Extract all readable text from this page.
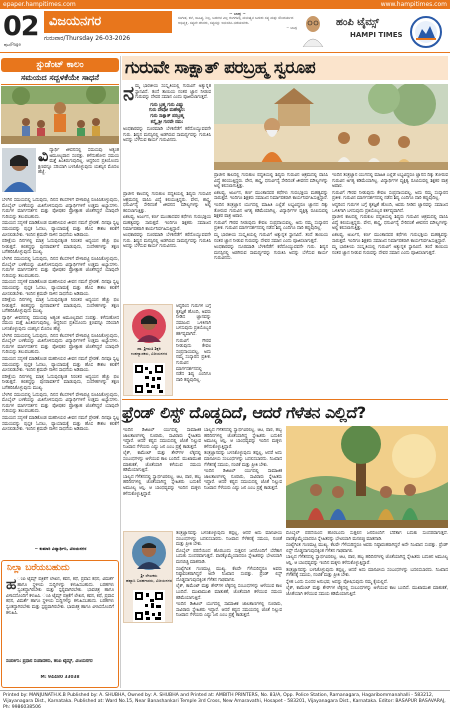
epaper.hampitimes.com	www.hampitimes.com
02
ಪುಟ/Page
ವಿಜಯನಗರ
ಗುರುವಾರ/Thursday 26-03-2026
~ ಬಾಪು ~
ಸಂಗೀತ, ಕಲೆ, ಸಾಹಿತ್ಯ, ಶಿಲ್ಪ, ಬದುಕಿನ ಎಲ್ಲ ರಂಗಗಳಲ್ಲಿ ಮನುಷ್ಯನ ಬದುಕು ಸತ್ಯ ಮತ್ತು ಸೌಂದರ್ಯದ ಅಭಿವ್ಯಕ್ತಿ. ಸತ್ಯವೇ ದೇವರು, ಸತ್ಯವನ್ನು ಅನುಸರಿಸಿ ನಡೆಯಬೇಕು.
~ ಬಾಪು	ಹಂಪಿ ಟೈಮ್ಸ್
HAMPI TIMES
ಸ್ಟುಡೆಂಟ್ ಕಾಲಂ
ಸಮಯದ ಸದ್ಬಳಕೆಯೇ ಸಾಧನೆ
ವಿ ದ್ಯಾರ್ಥಿ ಜೀವನದಲ್ಲಿ ಸಮಯವು ಅತ್ಯಂತ ಅಮೂಲ್ಯವಾದ ಸಂಪತ್ತು. ಕಳೆದುಹೋದ ಸಮಯ ಮತ್ತೆ ಹಿಂತಿರುಗುವುದಿಲ್ಲ. ಆದ್ದರಿಂದ ಪ್ರತಿಯೊಂದು ಕ್ಷಣವನ್ನೂ ಸರಿಯಾಗಿ ಬಳಸಿಕೊಳ್ಳುವುದು ಯಶಸ್ಸಿನ ಮೊದಲ ಹೆಜ್ಜೆ.

ಬೆಳಗಿನ ಸಮಯದಲ್ಲಿ ಓದುವುದು, ದಿನದ ಕೆಲಸಗಳಿಗೆ ವೇಳಾಪಟ್ಟಿ ರೂಪಿಸಿಕೊಳ್ಳುವುದು, ಮೊಬೈಲ್ ಬಳಕೆಯನ್ನು ಮಿತಿಗೊಳಿಸುವುದು ವಿದ್ಯಾರ್ಥಿಗಳಿಗೆ ಉತ್ತಮ ಅಭ್ಯಾಸಗಳು. ಗುರುಗಳ ಮಾರ್ಗದರ್ಶನ ಮತ್ತು ಪೋಷಕರ ಪ್ರೋತ್ಸಾಹ ಜೊತೆಗಿದ್ದರೆ ಯಾವುದೇ ಗುರಿಯನ್ನು ತಲುಪಬಹುದು.

ಸಮಯದ ಸದ್ಬಳಕೆ ಮಾಡಿಕೊಂಡ ಮಹನೀಯರ ಜೀವನ ನಮಗೆ ಪ್ರೇರಣೆ. ದಿನವೂ ಸ್ವಲ್ಪ ಸಮಯವನ್ನು ಪುಸ್ತಕ ಓದಲು, ವ್ಯಾಯಾಮಕ್ಕೆ ಮತ್ತು ಹೊಸ ಕೌಶಲ ಕಲಿಕೆಗೆ ಮೀಸಲಿಡಬೇಕು. ಇಂದಿನ ಶ್ರಮವೇ ನಾಳಿನ ಸಾಧನೆಯ ಅಡಿಪಾಯ.

ಪರೀಕ್ಷೆಯ ದಿನಗಳಲ್ಲಿ ಮಾತ್ರ ಓದುವುದಕ್ಕಿಂತ ನಿರಂತರ ಅಧ್ಯಯನ ಹೆಚ್ಚು ಫಲ ನೀಡುತ್ತದೆ. ಕಲಿತದ್ದನ್ನು ಪುನರಾವರ್ತನೆ ಮಾಡುವುದು, ಸಂದೇಹಗಳನ್ನು ತಕ್ಷಣ ಬಗೆಹರಿಸಿಕೊಳ್ಳುವುದು ಮುಖ್ಯ.

ಬೆಳಗಿನ ಸಮಯದಲ್ಲಿ ಓದುವುದು, ದಿನದ ಕೆಲಸಗಳಿಗೆ ವೇಳಾಪಟ್ಟಿ ರೂಪಿಸಿಕೊಳ್ಳುವುದು, ಮೊಬೈಲ್ ಬಳಕೆಯನ್ನು ಮಿತಿಗೊಳಿಸುವುದು ವಿದ್ಯಾರ್ಥಿಗಳಿಗೆ ಉತ್ತಮ ಅಭ್ಯಾಸಗಳು. ಗುರುಗಳ ಮಾರ್ಗದರ್ಶನ ಮತ್ತು ಪೋಷಕರ ಪ್ರೋತ್ಸಾಹ ಜೊತೆಗಿದ್ದರೆ ಯಾವುದೇ ಗುರಿಯನ್ನು ತಲುಪಬಹುದು.

ಸಮಯದ ಸದ್ಬಳಕೆ ಮಾಡಿಕೊಂಡ ಮಹನೀಯರ ಜೀವನ ನಮಗೆ ಪ್ರೇರಣೆ. ದಿನವೂ ಸ್ವಲ್ಪ ಸಮಯವನ್ನು ಪುಸ್ತಕ ಓದಲು, ವ್ಯಾಯಾಮಕ್ಕೆ ಮತ್ತು ಹೊಸ ಕೌಶಲ ಕಲಿಕೆಗೆ ಮೀಸಲಿಡಬೇಕು. ಇಂದಿನ ಶ್ರಮವೇ ನಾಳಿನ ಸಾಧನೆಯ ಅಡಿಪಾಯ.

ಪರೀಕ್ಷೆಯ ದಿನಗಳಲ್ಲಿ ಮಾತ್ರ ಓದುವುದಕ್ಕಿಂತ ನಿರಂತರ ಅಧ್ಯಯನ ಹೆಚ್ಚು ಫಲ ನೀಡುತ್ತದೆ. ಕಲಿತದ್ದನ್ನು ಪುನರಾವರ್ತನೆ ಮಾಡುವುದು, ಸಂದೇಹಗಳನ್ನು ತಕ್ಷಣ ಬಗೆಹರಿಸಿಕೊಳ್ಳುವುದು ಮುಖ್ಯ.

ದ್ಯಾರ್ಥಿ ಜೀವನದಲ್ಲಿ ಸಮಯವು ಅತ್ಯಂತ ಅಮೂಲ್ಯವಾದ ಸಂಪತ್ತು. ಕಳೆದುಹೋದ ಸಮಯ ಮತ್ತೆ ಹಿಂತಿರುಗುವುದಿಲ್ಲ. ಆದ್ದರಿಂದ ಪ್ರತಿಯೊಂದು ಕ್ಷಣವನ್ನೂ ಸರಿಯಾಗಿ ಬಳಸಿಕೊಳ್ಳುವುದು ಯಶಸ್ಸಿನ ಮೊದಲ ಹೆಜ್ಜೆ.

ಬೆಳಗಿನ ಸಮಯದಲ್ಲಿ ಓದುವುದು, ದಿನದ ಕೆಲಸಗಳಿಗೆ ವೇಳಾಪಟ್ಟಿ ರೂಪಿಸಿಕೊಳ್ಳುವುದು, ಮೊಬೈಲ್ ಬಳಕೆಯನ್ನು ಮಿತಿಗೊಳಿಸುವುದು ವಿದ್ಯಾರ್ಥಿಗಳಿಗೆ ಉತ್ತಮ ಅಭ್ಯಾಸಗಳು. ಗುರುಗಳ ಮಾರ್ಗದರ್ಶನ ಮತ್ತು ಪೋಷಕರ ಪ್ರೋತ್ಸಾಹ ಜೊತೆಗಿದ್ದರೆ ಯಾವುದೇ ಗುರಿಯನ್ನು ತಲುಪಬಹುದು.

ಸಮಯದ ಸದ್ಬಳಕೆ ಮಾಡಿಕೊಂಡ ಮಹನೀಯರ ಜೀವನ ನಮಗೆ ಪ್ರೇರಣೆ. ದಿನವೂ ಸ್ವಲ್ಪ ಸಮಯವನ್ನು ಪುಸ್ತಕ ಓದಲು, ವ್ಯಾಯಾಮಕ್ಕೆ ಮತ್ತು ಹೊಸ ಕೌಶಲ ಕಲಿಕೆಗೆ ಮೀಸಲಿಡಬೇಕು. ಇಂದಿನ ಶ್ರಮವೇ ನಾಳಿನ ಸಾಧನೆಯ ಅಡಿಪಾಯ.

ಪರೀಕ್ಷೆಯ ದಿನಗಳಲ್ಲಿ ಮಾತ್ರ ಓದುವುದಕ್ಕಿಂತ ನಿರಂತರ ಅಧ್ಯಯನ ಹೆಚ್ಚು ಫಲ ನೀಡುತ್ತದೆ. ಕಲಿತದ್ದನ್ನು ಪುನರಾವರ್ತನೆ ಮಾಡುವುದು, ಸಂದೇಹಗಳನ್ನು ತಕ್ಷಣ ಬಗೆಹರಿಸಿಕೊಳ್ಳುವುದು ಮುಖ್ಯ.

ಬೆಳಗಿನ ಸಮಯದಲ್ಲಿ ಓದುವುದು, ದಿನದ ಕೆಲಸಗಳಿಗೆ ವೇಳಾಪಟ್ಟಿ ರೂಪಿಸಿಕೊಳ್ಳುವುದು, ಮೊಬೈಲ್ ಬಳಕೆಯನ್ನು ಮಿತಿಗೊಳಿಸುವುದು ವಿದ್ಯಾರ್ಥಿಗಳಿಗೆ ಉತ್ತಮ ಅಭ್ಯಾಸಗಳು. ಗುರುಗಳ ಮಾರ್ಗದರ್ಶನ ಮತ್ತು ಪೋಷಕರ ಪ್ರೋತ್ಸಾಹ ಜೊತೆಗಿದ್ದರೆ ಯಾವುದೇ ಗುರಿಯನ್ನು ತಲುಪಬಹುದು.

ಸಮಯದ ಸದ್ಬಳಕೆ ಮಾಡಿಕೊಂಡ ಮಹನೀಯರ ಜೀವನ ನಮಗೆ ಪ್ರೇರಣೆ. ದಿನವೂ ಸ್ವಲ್ಪ ಸಮಯವನ್ನು ಪುಸ್ತಕ ಓದಲು, ವ್ಯಾಯಾಮಕ್ಕೆ ಮತ್ತು ಹೊಸ ಕೌಶಲ ಕಲಿಕೆಗೆ ಮೀಸಲಿಡಬೇಕು. ಇಂದಿನ ಶ್ರಮವೇ ನಾಳಿನ ಸಾಧನೆಯ ಅಡಿಪಾಯ.

~ ಕುಮಾರಿ ವಿದ್ಯಾರ್ಥಿನಿ, ವಿಜಯನಗರ
ನಿಲ್ಲಾ ಬರೆಯಬಹುದು
ಹ ಂಪಿ ಟೈಮ್ಸ್ ಪತ್ರಿಕೆಗೆ ಲೇಖನ, ಕವನ, ಕಥೆ, ಪ್ರವಾಸ ಕಥನ, ವಿಮರ್ಶೆ ಹಾಗೂ ಸ್ಥಳೀಯ ಸುದ್ದಿಗಳನ್ನು ಕಳುಹಿಸಬಹುದು. ಬರಹಗಳು ಸ್ವಂತದ್ದಾಗಿರಬೇಕು ಮತ್ತು ಸ್ಪಷ್ಟವಾಗಿರಬೇಕು. ಭಾವಚಿತ್ರ ಹಾಗೂ ವಿಳಾಸದೊಂದಿಗೆ ಕಳುಹಿಸಿ. ಂಪಿ ಟೈಮ್ಸ್ ಪತ್ರಿಕೆಗೆ ಲೇಖನ, ಕವನ, ಕಥೆ, ಪ್ರವಾಸ ಕಥನ, ವಿಮರ್ಶೆ ಹಾಗೂ ಸ್ಥಳೀಯ ಸುದ್ದಿಗಳನ್ನು ಕಳುಹಿಸಬಹುದು. ಬರಹಗಳು ಸ್ವಂತದ್ದಾಗಿರಬೇಕು ಮತ್ತು ಸ್ಪಷ್ಟವಾಗಿರಬೇಕು. ಭಾವಚಿತ್ರ ಹಾಗೂ ವಿಳಾಸದೊಂದಿಗೆ ಕಳುಹಿಸಿ.
ಸಂಪರ್ಕಿಸಿ: ಪ್ರಧಾನ ಸಂಪಾದಕರು, ಹಂಪಿ ಟೈಮ್ಸ್, ವಿಜಯನಗರ
M: 94480 33038
ಗುರುವೇ ಸಾಕ್ಷಾತ್ ಪರಬ್ರಹ್ಮ ಸ್ವರೂಪ
ನ ಮ್ಮ ಭಾರತೀಯ ಸಂಸ್ಕೃತಿಯಲ್ಲಿ ಗುರುವಿಗೆ ಅತ್ಯುನ್ನತ ಸ್ಥಾನವಿದೆ. ತಂದೆ ತಾಯಿಯ ನಂತರ ಜ್ಞಾನ ನೀಡುವ ಗುರುವನ್ನು ದೇವರ ಸಮಾನ ಎಂದು ಪೂಜಿಸಲಾಗುತ್ತದೆ.

ಗುರು ಬ್ರಹ್ಮ ಗುರು ವಿಷ್ಣು
ಗುರು ದೇವೋ ಮಹೇಶ್ವರ:
ಗುರು ಸಾಕ್ಷಾತ್ ಪರಬ್ರಹ್ಮ
ತಸ್ಮೈ ಶ್ರೀ ಗುರವೇ ನಮ:

ಅಂಧಕಾರವನ್ನು ದೂರಮಾಡಿ ಬೆಳಕಿನೆಡೆಗೆ ಕರೆದೊಯ್ಯುವವನೇ ಗುರು. ಶಿಷ್ಯನ ಮನಸ್ಸಿನಲ್ಲಿ ಅಡಗಿರುವ ಸಾಮರ್ಥ್ಯವನ್ನು ಗುರುತಿಸಿ ಅದನ್ನು ಬೆಳೆಸುವ ಕಾರ್ಯ ಗುರುವಿನದು.

ಪ್ರಾಚೀನ ಕಾಲದಲ್ಲಿ ಗುರುಕುಲ ಪದ್ಧತಿಯಲ್ಲಿ ಶಿಷ್ಯರು ಗುರುವಿನ ಆಶ್ರಮದಲ್ಲಿ ವಾಸಿಸಿ ವಿದ್ಯೆ ಕಲಿಯುತ್ತಿದ್ದರು. ವೇದ, ಶಾಸ್ತ್ರ, ಧನುರ್ವಿದ್ಯೆ ಸೇರಿದಂತೆ ಜೀವನದ ಮೌಲ್ಯಗಳನ್ನು ಅಲ್ಲಿ ಕಲಿಸಲಾಗುತ್ತಿತ್ತು.

ಏಕಲವ್ಯ, ಅರ್ಜುನ, ಕರ್ಣ ಮುಂತಾದವರ ಕಥೆಗಳು ಗುರುಭಕ್ತಿಯ ಮಹತ್ವವನ್ನು ಸಾರುತ್ತವೆ. ಇಂದಿಗೂ ಶಿಕ್ಷಕರು ಸಮಾಜದ ನಿರ್ಮಾಪಕರಾಗಿ ಕಾರ್ಯನಿರ್ವಹಿಸುತ್ತಿದ್ದಾರೆ.

ಅಂಧಕಾರವನ್ನು ದೂರಮಾಡಿ ಬೆಳಕಿನೆಡೆಗೆ ಕರೆದೊಯ್ಯುವವನೇ ಗುರು. ಶಿಷ್ಯನ ಮನಸ್ಸಿನಲ್ಲಿ ಅಡಗಿರುವ ಸಾಮರ್ಥ್ಯವನ್ನು ಗುರುತಿಸಿ ಅದನ್ನು ಬೆಳೆಸುವ ಕಾರ್ಯ ಗುರುವಿನದು.

ಡಾ. ಶ್ರೀಮತಿ ಶಿಕ್ಷಕಿ
ಉಪನ್ಯಾಸಕರು, ವಿಜಯನಗರ

ಆದ್ದರಿಂದ ಗುರುಗಳ ಬಗ್ಗೆ ಕೃತಜ್ಞತೆ ಹೊಂದಿ, ಅವರು ನೀಡಿದ ಜ್ಞಾನವನ್ನು ಸಮಾಜದ ಒಳಿತಿಗಾಗಿ ಬಳಸುವುದು ಪ್ರತಿಯೊಬ್ಬರ ಕರ್ತವ್ಯವಾಗಿದೆ.

ಗುರುವಿಗೆ ಗೌರವ ನೀಡುವುದು ಕೇವಲ ಸಂಪ್ರದಾಯವಲ್ಲ, ಅದು ನಮ್ಮ ಸಂಸ್ಕಾರದ ಪ್ರತೀಕ. ಗುರುವಿನ ಮಾರ್ಗದರ್ಶನದಲ್ಲಿ ನಡೆದ ಶಿಷ್ಯ ಎಂದಿಗೂ ದಾರಿ ತಪ್ಪುವುದಿಲ್ಲ.

ಪ್ರಾಚೀನ ಕಾಲದಲ್ಲಿ ಗುರುಕುಲ ಪದ್ಧತಿಯಲ್ಲಿ ಶಿಷ್ಯರು ಗುರುವಿನ ಆಶ್ರಮದಲ್ಲಿ ವಾಸಿಸಿ ವಿದ್ಯೆ ಕಲಿಯುತ್ತಿದ್ದರು. ವೇದ, ಶಾಸ್ತ್ರ, ಧನುರ್ವಿದ್ಯೆ ಸೇರಿದಂತೆ ಜೀವನದ ಮೌಲ್ಯಗಳನ್ನು ಅಲ್ಲಿ ಕಲಿಸಲಾಗುತ್ತಿತ್ತು.

ಏಕಲವ್ಯ, ಅರ್ಜುನ, ಕರ್ಣ ಮುಂತಾದವರ ಕಥೆಗಳು ಗುರುಭಕ್ತಿಯ ಮಹತ್ವವನ್ನು ಸಾರುತ್ತವೆ. ಇಂದಿಗೂ ಶಿಕ್ಷಕರು ಸಮಾಜದ ನಿರ್ಮಾಪಕರಾಗಿ ಕಾರ್ಯನಿರ್ವಹಿಸುತ್ತಿದ್ದಾರೆ.

ಇಂದಿನ ತಂತ್ರಜ್ಞಾನ ಯುಗದಲ್ಲಿ ಮಾಹಿತಿ ಎಲ್ಲೆಡೆ ಲಭ್ಯವಿದ್ದರೂ ಜ್ಞಾನದ ದಿಕ್ಕು ತೋರುವ ಗುರುವಿನ ಅಗತ್ಯ ಕಡಿಮೆಯಾಗಿಲ್ಲ. ವಿದ್ಯಾರ್ಥಿಗಳ ವ್ಯಕ್ತಿತ್ವ ರೂಪಿಸುವಲ್ಲಿ ಶಿಕ್ಷಕರ ಪಾತ್ರ ಅಪಾರ.

ಗುರುವಿಗೆ ಗೌರವ ನೀಡುವುದು ಕೇವಲ ಸಂಪ್ರದಾಯವಲ್ಲ, ಅದು ನಮ್ಮ ಸಂಸ್ಕಾರದ ಪ್ರತೀಕ. ಗುರುವಿನ ಮಾರ್ಗದರ್ಶನದಲ್ಲಿ ನಡೆದ ಶಿಷ್ಯ ಎಂದಿಗೂ ದಾರಿ ತಪ್ಪುವುದಿಲ್ಲ.

ಮ್ಮ ಭಾರತೀಯ ಸಂಸ್ಕೃತಿಯಲ್ಲಿ ಗುರುವಿಗೆ ಅತ್ಯುನ್ನತ ಸ್ಥಾನವಿದೆ. ತಂದೆ ತಾಯಿಯ ನಂತರ ಜ್ಞಾನ ನೀಡುವ ಗುರುವನ್ನು ದೇವರ ಸಮಾನ ಎಂದು ಪೂಜಿಸಲಾಗುತ್ತದೆ.

ಅಂಧಕಾರವನ್ನು ದೂರಮಾಡಿ ಬೆಳಕಿನೆಡೆಗೆ ಕರೆದೊಯ್ಯುವವನೇ ಗುರು. ಶಿಷ್ಯನ ಮನಸ್ಸಿನಲ್ಲಿ ಅಡಗಿರುವ ಸಾಮರ್ಥ್ಯವನ್ನು ಗುರುತಿಸಿ ಅದನ್ನು ಬೆಳೆಸುವ ಕಾರ್ಯ ಗುರುವಿನದು.

ಇಂದಿನ ತಂತ್ರಜ್ಞಾನ ಯುಗದಲ್ಲಿ ಮಾಹಿತಿ ಎಲ್ಲೆಡೆ ಲಭ್ಯವಿದ್ದರೂ ಜ್ಞಾನದ ದಿಕ್ಕು ತೋರುವ ಗುರುವಿನ ಅಗತ್ಯ ಕಡಿಮೆಯಾಗಿಲ್ಲ. ವಿದ್ಯಾರ್ಥಿಗಳ ವ್ಯಕ್ತಿತ್ವ ರೂಪಿಸುವಲ್ಲಿ ಶಿಕ್ಷಕರ ಪಾತ್ರ ಅಪಾರ.

ಗುರುವಿಗೆ ಗೌರವ ನೀಡುವುದು ಕೇವಲ ಸಂಪ್ರದಾಯವಲ್ಲ, ಅದು ನಮ್ಮ ಸಂಸ್ಕಾರದ ಪ್ರತೀಕ. ಗುರುವಿನ ಮಾರ್ಗದರ್ಶನದಲ್ಲಿ ನಡೆದ ಶಿಷ್ಯ ಎಂದಿಗೂ ದಾರಿ ತಪ್ಪುವುದಿಲ್ಲ.

ಆದ್ದರಿಂದ ಗುರುಗಳ ಬಗ್ಗೆ ಕೃತಜ್ಞತೆ ಹೊಂದಿ, ಅವರು ನೀಡಿದ ಜ್ಞಾನವನ್ನು ಸಮಾಜದ ಒಳಿತಿಗಾಗಿ ಬಳಸುವುದು ಪ್ರತಿಯೊಬ್ಬರ ಕರ್ತವ್ಯವಾಗಿದೆ.

ಪ್ರಾಚೀನ ಕಾಲದಲ್ಲಿ ಗುರುಕುಲ ಪದ್ಧತಿಯಲ್ಲಿ ಶಿಷ್ಯರು ಗುರುವಿನ ಆಶ್ರಮದಲ್ಲಿ ವಾಸಿಸಿ ವಿದ್ಯೆ ಕಲಿಯುತ್ತಿದ್ದರು. ವೇದ, ಶಾಸ್ತ್ರ, ಧನುರ್ವಿದ್ಯೆ ಸೇರಿದಂತೆ ಜೀವನದ ಮೌಲ್ಯಗಳನ್ನು ಅಲ್ಲಿ ಕಲಿಸಲಾಗುತ್ತಿತ್ತು.

ಏಕಲವ್ಯ, ಅರ್ಜುನ, ಕರ್ಣ ಮುಂತಾದವರ ಕಥೆಗಳು ಗುರುಭಕ್ತಿಯ ಮಹತ್ವವನ್ನು ಸಾರುತ್ತವೆ. ಇಂದಿಗೂ ಶಿಕ್ಷಕರು ಸಮಾಜದ ನಿರ್ಮಾಪಕರಾಗಿ ಕಾರ್ಯನಿರ್ವಹಿಸುತ್ತಿದ್ದಾರೆ.

ಮ್ಮ ಭಾರತೀಯ ಸಂಸ್ಕೃತಿಯಲ್ಲಿ ಗುರುವಿಗೆ ಅತ್ಯುನ್ನತ ಸ್ಥಾನವಿದೆ. ತಂದೆ ತಾಯಿಯ ನಂತರ ಜ್ಞಾನ ನೀಡುವ ಗುರುವನ್ನು ದೇವರ ಸಮಾನ ಎಂದು ಪೂಜಿಸಲಾಗುತ್ತದೆ.

ಫ್ರೆಂಡ್ ಲಿಸ್ಟ್ ದೊಡ್ಡದಿದೆ, ಆದರೆ ಗೆಳೆತನ ಎಲ್ಲಿದೆ?

ಇಂದಿನ ಡಿಜಿಟಲ್ ಯುಗದಲ್ಲಿ ಸಾಮಾಜಿಕ ಜಾಲತಾಣಗಳಲ್ಲಿ ನೂರಾರು, ಸಾವಿರಾರು ಸ್ನೇಹಿತರು ಇದ್ದಾರೆ. ಆದರೆ ಕಷ್ಟದ ಸಮಯದಲ್ಲಿ ಜೊತೆ ನಿಲ್ಲುವ ನಿಜವಾದ ಗೆಳೆಯರು ಎಷ್ಟು ಜನ ಎಂಬ ಪ್ರಶ್ನೆ ಕಾಡುತ್ತದೆ.

ಲೈಕ್, ಕಾಮೆಂಟ್ ಮತ್ತು ಶೇರ್‌ಗಳ ಲೆಕ್ಕದಲ್ಲಿ ಸಂಬಂಧಗಳನ್ನು ಅಳೆಯುವ ಕಾಲ ಬಂದಿದೆ. ಮುಖಾಮುಖಿ ಮಾತುಕತೆ, ಜೊತೆಯಾಗಿ ಕಳೆಯುವ ಸಮಯ ಕಡಿಮೆಯಾಗುತ್ತಿದೆ.

ಬಾಲ್ಯದ ಗೆಳೆತನದಲ್ಲಿ ಸ್ವಾರ್ಥವಿರಲಿಲ್ಲ. ಆಟ, ಪಾಠ, ಹಬ್ಬ ಹರಿದಿನಗಳಲ್ಲಿ ಜೊತೆಯಾಗಿದ್ದ ಸ್ನೇಹಿತರು ಬದುಕಿನ ಅಮೂಲ್ಯ ಆಸ್ತಿ. ಆ ಬಾಂಧವ್ಯವನ್ನು ಇಂದಿನ ಮಕ್ಕಳು ಕಳೆದುಕೊಳ್ಳುತ್ತಿದ್ದಾರೆ.

ಬಾಲ್ಯದ ಗೆಳೆತನದಲ್ಲಿ ಸ್ವಾರ್ಥವಿರಲಿಲ್ಲ. ಆಟ, ಪಾಠ, ಹಬ್ಬ ಹರಿದಿನಗಳಲ್ಲಿ ಜೊತೆಯಾಗಿದ್ದ ಸ್ನೇಹಿತರು ಬದುಕಿನ ಅಮೂಲ್ಯ ಆಸ್ತಿ. ಆ ಬಾಂಧವ್ಯವನ್ನು ಇಂದಿನ ಮಕ್ಕಳು ಕಳೆದುಕೊಳ್ಳುತ್ತಿದ್ದಾರೆ.

ತಂತ್ರಜ್ಞಾನವನ್ನು ಬಳಸಿಕೊಳ್ಳುವುದು ತಪ್ಪಲ್ಲ, ಆದರೆ ಅದು ಮಾನವೀಯ ಸಂಬಂಧಗಳನ್ನು ಬದಲಿಸಬಾರದು. ನಿಜವಾದ ಗೆಳೆತನಕ್ಕೆ ಸಮಯ, ನಂಬಿಕೆ ಮತ್ತು ಪ್ರೀತಿ ಬೇಕು.

ಇಂದಿನ ಡಿಜಿಟಲ್ ಯುಗದಲ್ಲಿ ಸಾಮಾಜಿಕ ಜಾಲತಾಣಗಳಲ್ಲಿ ನೂರಾರು, ಸಾವಿರಾರು ಸ್ನೇಹಿತರು ಇದ್ದಾರೆ. ಆದರೆ ಕಷ್ಟದ ಸಮಯದಲ್ಲಿ ಜೊತೆ ನಿಲ್ಲುವ ನಿಜವಾದ ಗೆಳೆಯರು ಎಷ್ಟು ಜನ ಎಂಬ ಪ್ರಶ್ನೆ ಕಾಡುತ್ತದೆ.

ಶ್ರೀ ಲೇಖಕರು
ಹವ್ಯಾಸಿ ಬರಹಗಾರರು, ವಿಜಯನಗರ

ತಂತ್ರಜ್ಞಾನವನ್ನು ಬಳಸಿಕೊಳ್ಳುವುದು ತಪ್ಪಲ್ಲ, ಆದರೆ ಅದು ಮಾನವೀಯ ಸಂಬಂಧಗಳನ್ನು ಬದಲಿಸಬಾರದು. ನಿಜವಾದ ಗೆಳೆತನಕ್ಕೆ ಸಮಯ, ನಂಬಿಕೆ ಮತ್ತು ಪ್ರೀತಿ ಬೇಕು.

ಮೊಬೈಲ್ ಪರದೆಯಿಂದ ಹೊರಬಂದು ಸುತ್ತಲಿನ ಜನರೊಂದಿಗೆ ಬೆರೆತಾಗ ಬದುಕು ಸುಂದರವಾಗುತ್ತದೆ. ವಾರಕ್ಕೊಮ್ಮೆಯಾದರೂ ಸ್ನೇಹಿತರನ್ನು ಭೇಟಿಯಾಗಿ ಮನಬಿಚ್ಚಿ ಮಾತನಾಡಿ.

ಸಂಖ್ಯೆಗಿಂತ ಗುಣಮಟ್ಟ ಮುಖ್ಯ. ಕೆಲವೇ ಗೆಳೆಯರಿದ್ದರೂ ಅವರು ನಿಷ್ಠಾವಂತರಾಗಿದ್ದರೆ ಅದೇ ನಿಜವಾದ ಸಂಪತ್ತು. ಫ್ರೆಂಡ್ ಲಿಸ್ಟ್ ದೊಡ್ಡದಾಗುವುದಕ್ಕಿಂತ ಗೆಳೆತನ ಗಾಢವಾಗಲಿ.

ಲೈಕ್, ಕಾಮೆಂಟ್ ಮತ್ತು ಶೇರ್‌ಗಳ ಲೆಕ್ಕದಲ್ಲಿ ಸಂಬಂಧಗಳನ್ನು ಅಳೆಯುವ ಕಾಲ ಬಂದಿದೆ. ಮುಖಾಮುಖಿ ಮಾತುಕತೆ, ಜೊತೆಯಾಗಿ ಕಳೆಯುವ ಸಮಯ ಕಡಿಮೆಯಾಗುತ್ತಿದೆ.

ಇಂದಿನ ಡಿಜಿಟಲ್ ಯುಗದಲ್ಲಿ ಸಾಮಾಜಿಕ ಜಾಲತಾಣಗಳಲ್ಲಿ ನೂರಾರು, ಸಾವಿರಾರು ಸ್ನೇಹಿತರು ಇದ್ದಾರೆ. ಆದರೆ ಕಷ್ಟದ ಸಮಯದಲ್ಲಿ ಜೊತೆ ನಿಲ್ಲುವ ನಿಜವಾದ ಗೆಳೆಯರು ಎಷ್ಟು ಜನ ಎಂಬ ಪ್ರಶ್ನೆ ಕಾಡುತ್ತದೆ.

ಮೊಬೈಲ್ ಪರದೆಯಿಂದ ಹೊರಬಂದು ಸುತ್ತಲಿನ ಜನರೊಂದಿಗೆ ಬೆರೆತಾಗ ಬದುಕು ಸುಂದರವಾಗುತ್ತದೆ. ವಾರಕ್ಕೊಮ್ಮೆಯಾದರೂ ಸ್ನೇಹಿತರನ್ನು ಭೇಟಿಯಾಗಿ ಮನಬಿಚ್ಚಿ ಮಾತನಾಡಿ.

ಸಂಖ್ಯೆಗಿಂತ ಗುಣಮಟ್ಟ ಮುಖ್ಯ. ಕೆಲವೇ ಗೆಳೆಯರಿದ್ದರೂ ಅವರು ನಿಷ್ಠಾವಂತರಾಗಿದ್ದರೆ ಅದೇ ನಿಜವಾದ ಸಂಪತ್ತು. ಫ್ರೆಂಡ್ ಲಿಸ್ಟ್ ದೊಡ್ಡದಾಗುವುದಕ್ಕಿಂತ ಗೆಳೆತನ ಗಾಢವಾಗಲಿ.

ಬಾಲ್ಯದ ಗೆಳೆತನದಲ್ಲಿ ಸ್ವಾರ್ಥವಿರಲಿಲ್ಲ. ಆಟ, ಪಾಠ, ಹಬ್ಬ ಹರಿದಿನಗಳಲ್ಲಿ ಜೊತೆಯಾಗಿದ್ದ ಸ್ನೇಹಿತರು ಬದುಕಿನ ಅಮೂಲ್ಯ ಆಸ್ತಿ. ಆ ಬಾಂಧವ್ಯವನ್ನು ಇಂದಿನ ಮಕ್ಕಳು ಕಳೆದುಕೊಳ್ಳುತ್ತಿದ್ದಾರೆ.

ತಂತ್ರಜ್ಞಾನವನ್ನು ಬಳಸಿಕೊಳ್ಳುವುದು ತಪ್ಪಲ್ಲ, ಆದರೆ ಅದು ಮಾನವೀಯ ಸಂಬಂಧಗಳನ್ನು ಬದಲಿಸಬಾರದು. ನಿಜವಾದ ಗೆಳೆತನಕ್ಕೆ ಸಮಯ, ನಂಬಿಕೆ ಮತ್ತು ಪ್ರೀತಿ ಬೇಕು.

ಸ್ನೇಹ ಒಂದು ಸುಂದರ ಅನುಭವ; ಅದನ್ನು ಪೋಷಿಸುವುದು ನಮ್ಮ ಕೈಯಲ್ಲಿದೆ.

ಲೈಕ್, ಕಾಮೆಂಟ್ ಮತ್ತು ಶೇರ್‌ಗಳ ಲೆಕ್ಕದಲ್ಲಿ ಸಂಬಂಧಗಳನ್ನು ಅಳೆಯುವ ಕಾಲ ಬಂದಿದೆ. ಮುಖಾಮುಖಿ ಮಾತುಕತೆ, ಜೊತೆಯಾಗಿ ಕಳೆಯುವ ಸಮಯ ಕಡಿಮೆಯಾಗುತ್ತಿದೆ.

Printed by: MANJUNATH.K.B Published by: A. SHUBHA, Owned by: A. SHUBHA and Printed at: AMBITH PRINTERS, No. 83/A, Opp. Police Station, Ramanagara, Hagaribommanahalli - 583212, Vijayanagara Dist., Karnataka. Published at: Ward No.15, Near Banashankari Temple 3rd Cross, New Amaravathi, Hosapet - 583201, Vijayanagara Dist., Karnataka. Editor: BASAPUR BASAVARAJ, Ph: 9986038506
